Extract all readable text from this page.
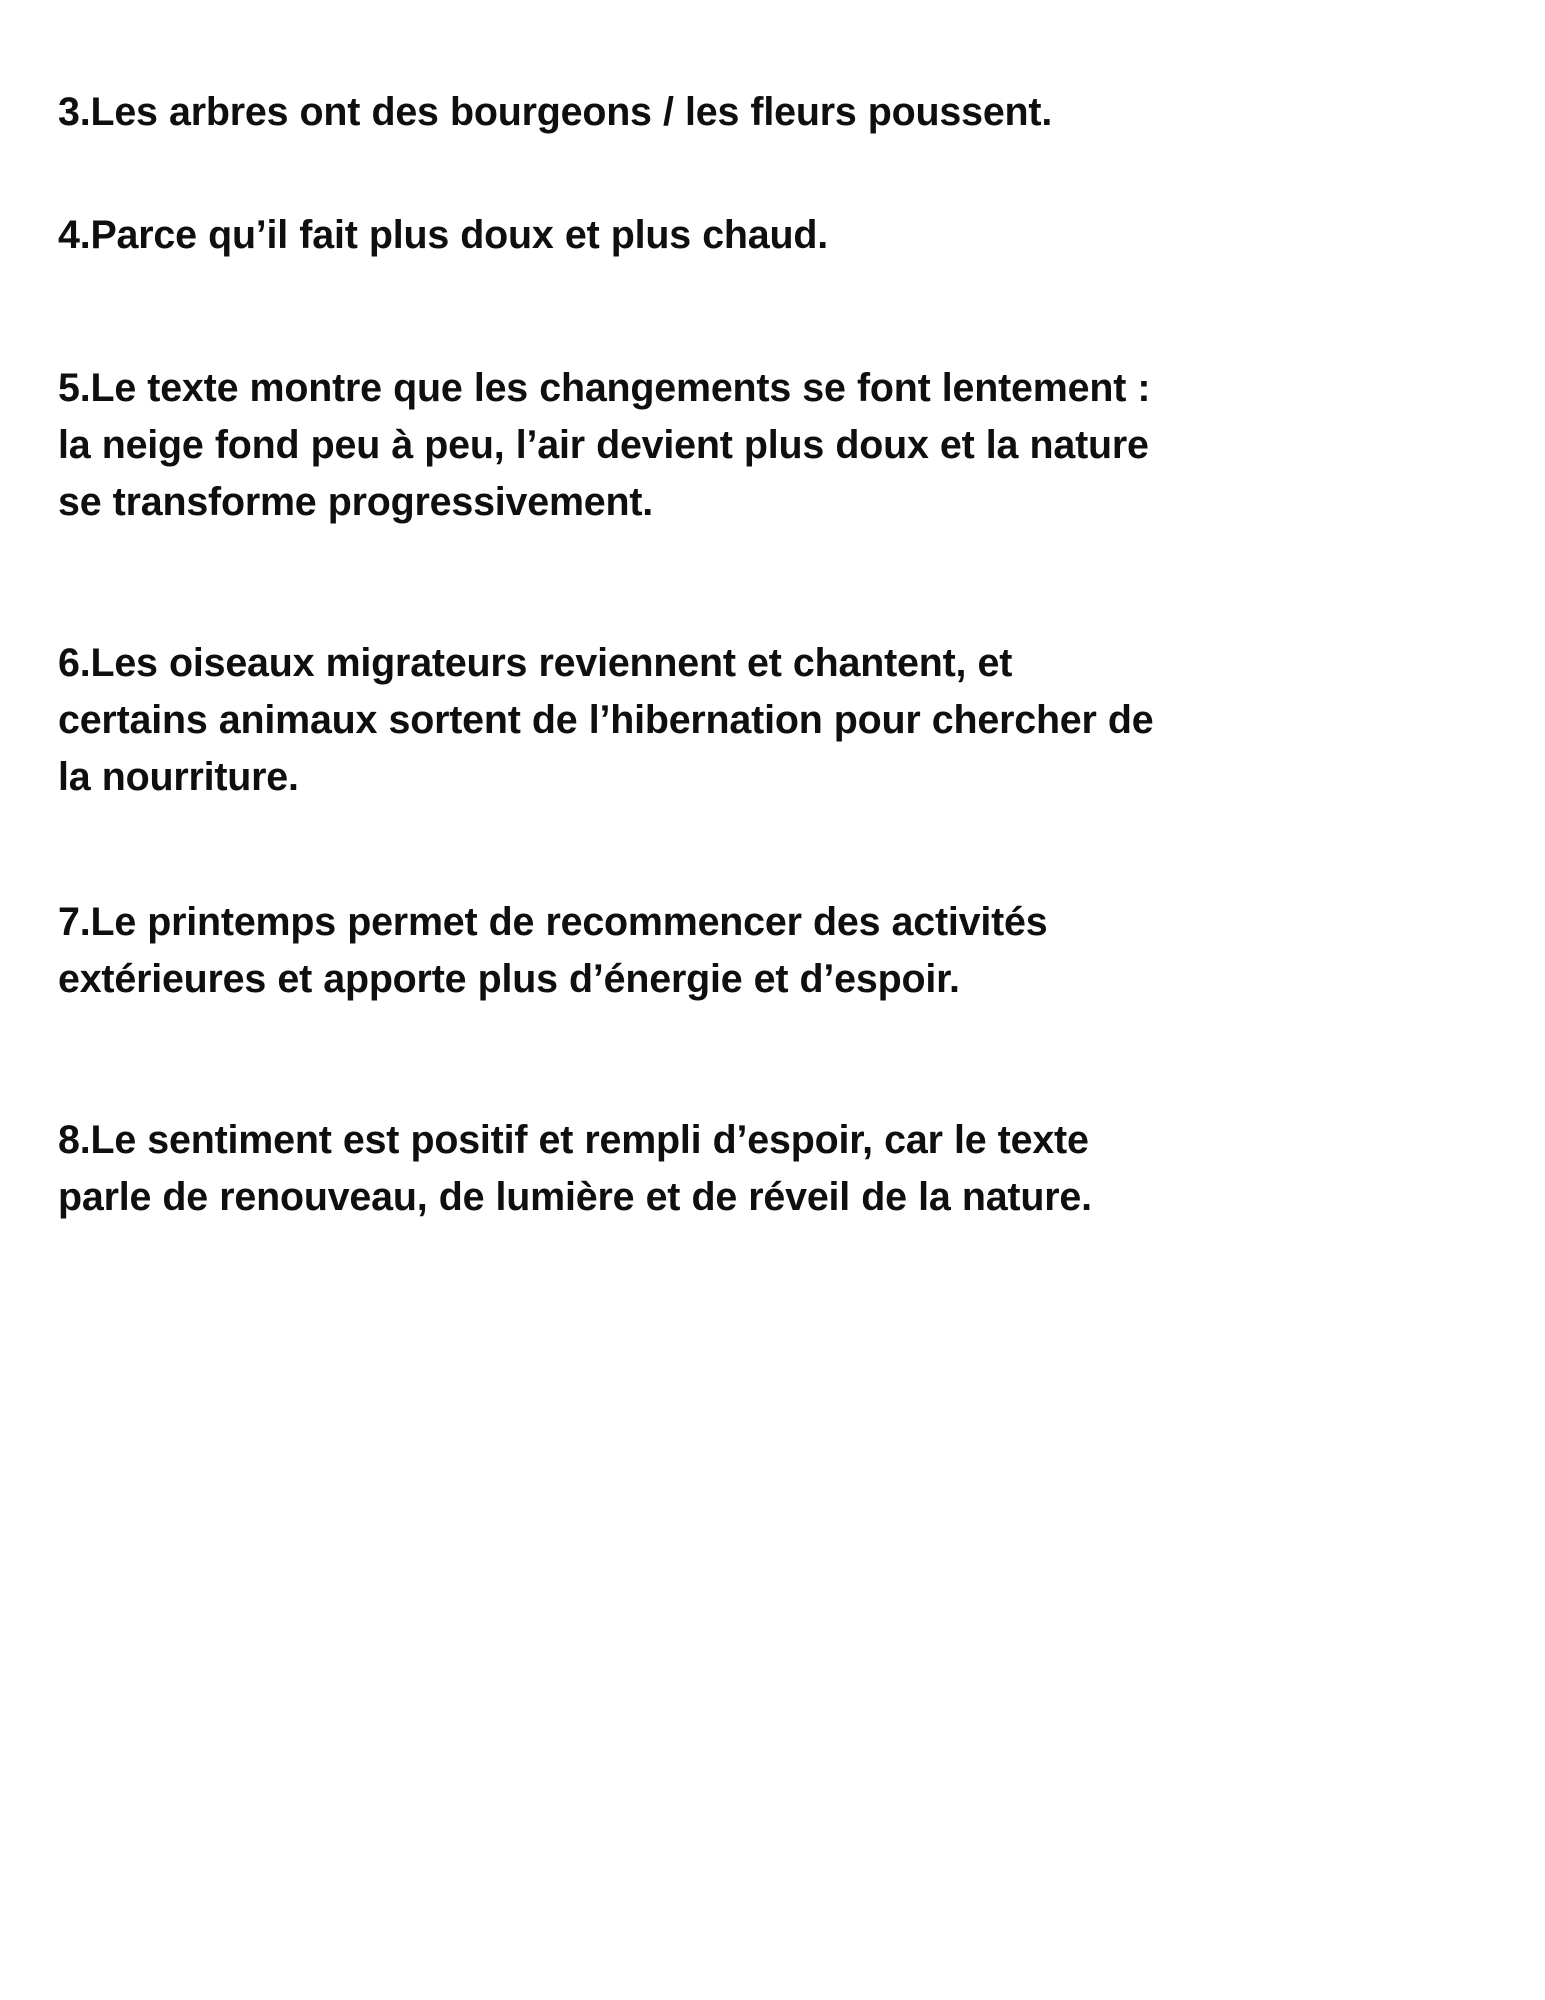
3.Les arbres ont des bourgeons / les fleurs poussent.

4.Parce qu’il fait plus doux et plus chaud.

5.Le texte montre que les changements se font lentement : la neige fond peu à peu, l’air devient plus doux et la nature se transforme progressivement.

6.Les oiseaux migrateurs reviennent et chantent, et certains animaux sortent de l’hibernation pour chercher de la nourriture.

7.Le printemps permet de recommencer des activités extérieures et apporte plus d’énergie et d’espoir.

8.Le sentiment est positif et rempli d’espoir, car le texte parle de renouveau, de lumière et de réveil de la nature.
